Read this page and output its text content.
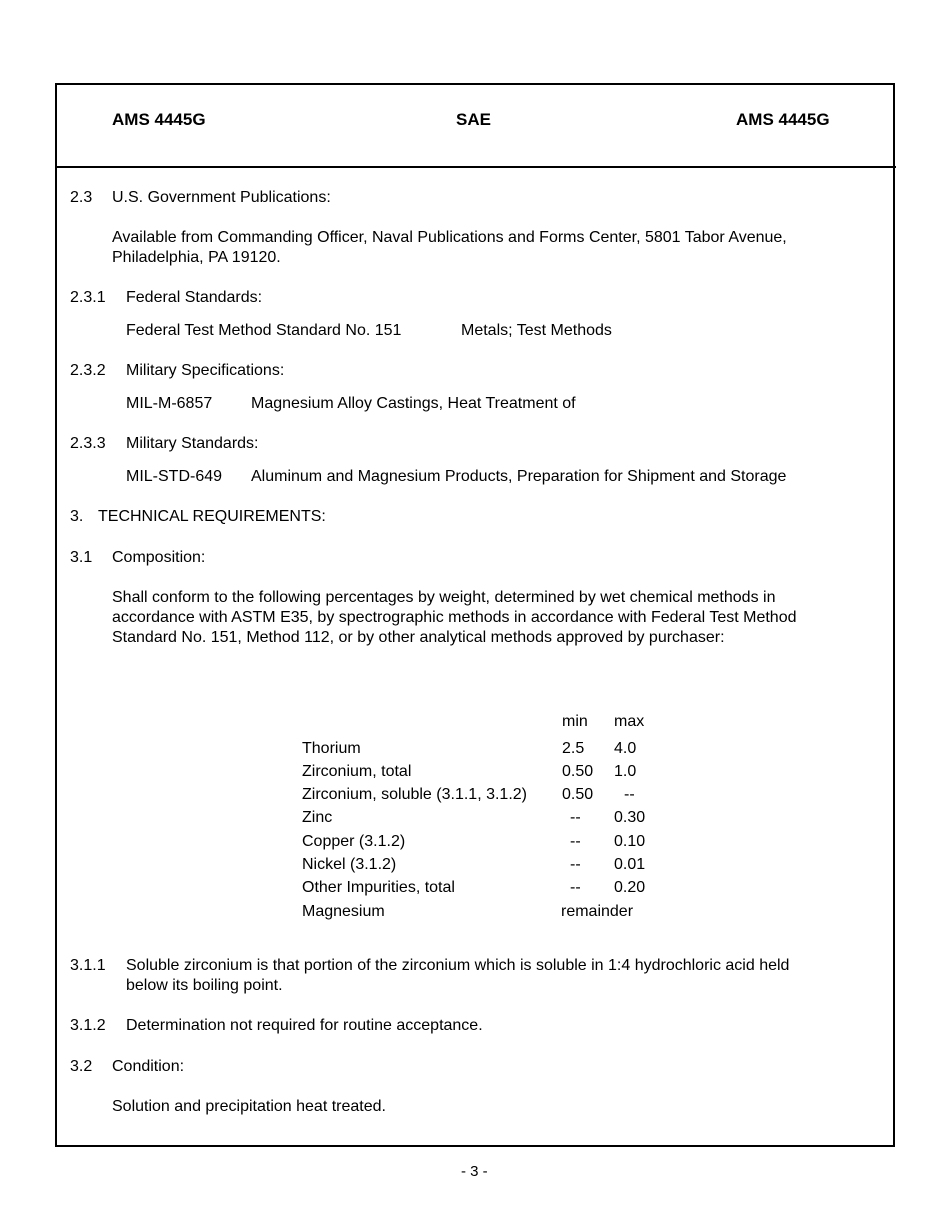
AMS 4445G	SAE	AMS 4445G
2.3 U.S. Government Publications:
Available from Commanding Officer, Naval Publications and Forms Center, 5801 Tabor Avenue,
Philadelphia, PA 19120.
2.3.1 Federal Standards:
Federal Test Method Standard No. 151	Metals; Test Methods
2.3.2 Military Specifications:
MIL-M-6857 Magnesium Alloy Castings, Heat Treatment of
2.3.3 Military Standards:
MIL-STD-649 Aluminum and Magnesium Products, Preparation for Shipment and Storage
3. TECHNICAL REQUIREMENTS:
3.1 Composition:
Shall conform to the following percentages by weight, determined by wet chemical methods in
accordance with ASTM E35, by spectrographic methods in accordance with Federal Test Method
Standard No. 151, Method 112, or by other analytical methods approved by purchaser:
min max
Thorium	2.5 4.0
Zirconium, total	0.50 1.0
Zirconium, soluble (3.1.1, 3.1.2) 0.50 --
Zinc	-- 0.30
Copper (3.1.2)	-- 0.10
Nickel (3.1.2)	-- 0.01
Other Impurities, total	-- 0.20
Magnesium	remainder
3.1.1 Soluble zirconium is that portion of the zirconium which is soluble in 1:4 hydrochloric acid held
below its boiling point.
3.1.2 Determination not required for routine acceptance.
3.2 Condition:
Solution and precipitation heat treated.
- 3 -
